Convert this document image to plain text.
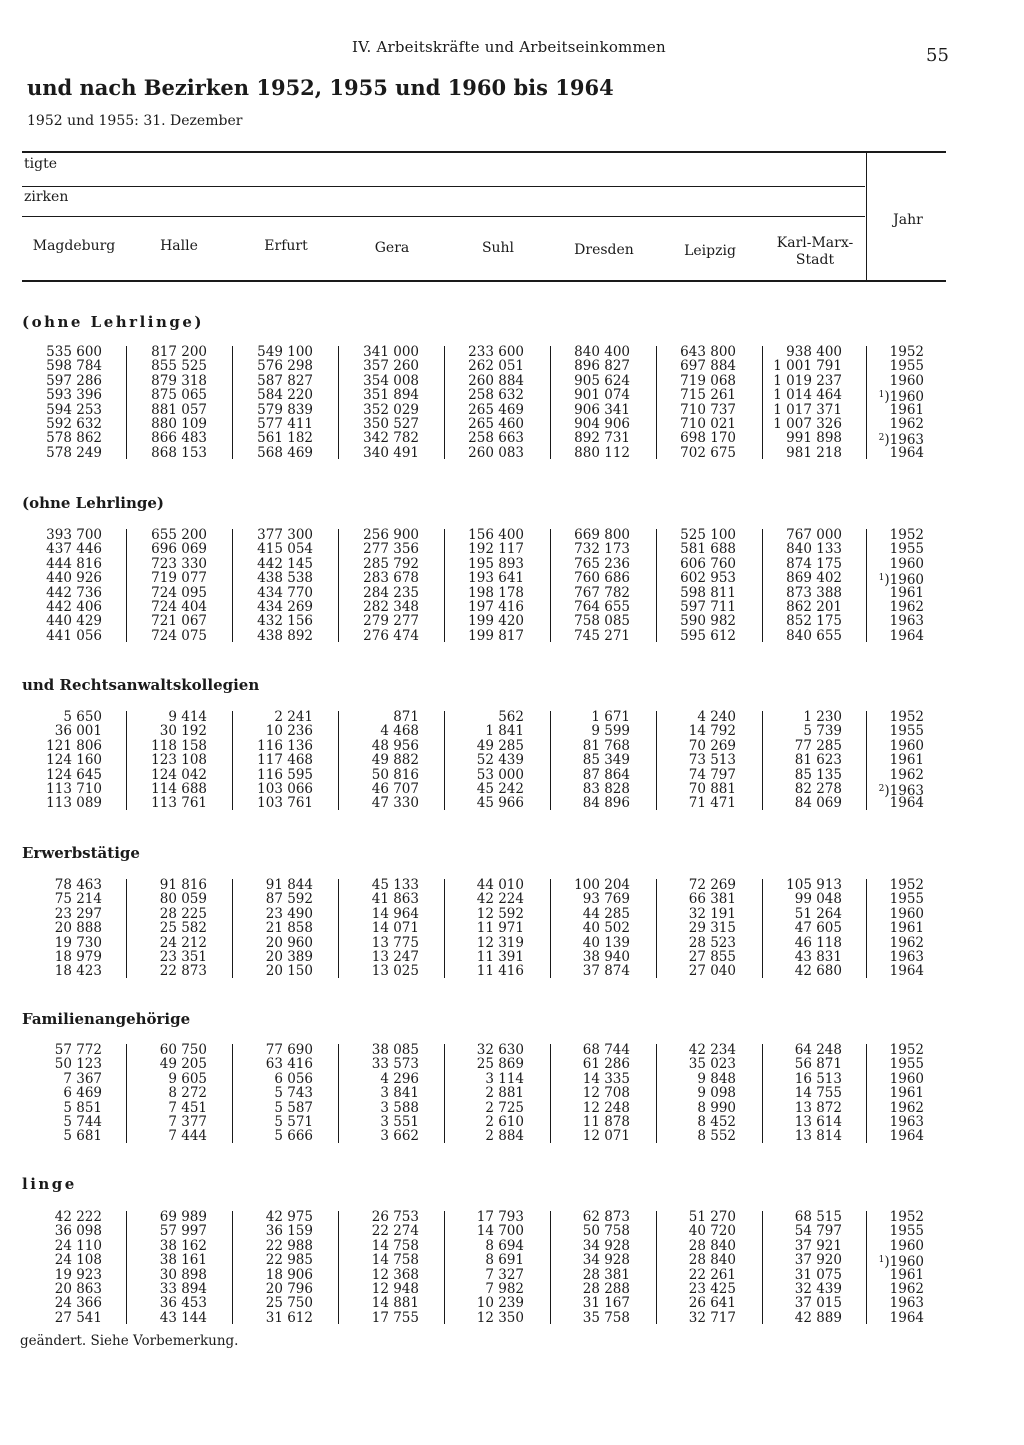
IV. Arbeitskräfte und Arbeitseinkommen	55
und nach Bezirken 1952, 1955 und 1960 bis 1964
1952 und 1955: 31. Dezember
tigte
zirken
Jahr
Magdeburg	Halle	Erfurt	Gera	Suhl	Dresden	Leipzig	Karl-Marx-
Stadt
(ohne Lehrlinge)
535 600	817 200	549 100	341 000	233 600	840 400	643 800	938 400	1952
598 784	855 525	576 298	357 260	262 051	896 827	697 884	1 001 791	1955
597 286	879 318	587 827	354 008	260 884	905 624	719 068	1 019 237	1960
593 396	875 065	584 220	351 894	258 632	901 074	715 261	1 014 464	$^1$)1960
594 253	881 057	579 839	352 029	265 469	906 341	710 737	1 017 371	1961
592 632	880 109	577 411	350 527	265 460	904 906	710 021	1 007 326	1962
578 862	866 483	561 182	342 782	258 663	892 731	698 170	991 898	$^2$)1963
578 249	868 153	568 469	340 491	260 083	880 112	702 675	981 218	1964
(ohne Lehrlinge)
393 700	655 200	377 300	256 900	156 400	669 800	525 100	767 000	1952
437 446	696 069	415 054	277 356	192 117	732 173	581 688	840 133	1955
444 816	723 330	442 145	285 792	195 893	765 236	606 760	874 175	1960
440 926	719 077	438 538	283 678	193 641	760 686	602 953	869 402	$^1$)1960
442 736	724 095	434 770	284 235	198 178	767 782	598 811	873 388	1961
442 406	724 404	434 269	282 348	197 416	764 655	597 711	862 201	1962
440 429	721 067	432 156	279 277	199 420	758 085	590 982	852 175	1963
441 056	724 075	438 892	276 474	199 817	745 271	595 612	840 655	1964
und Rechtsanwaltskollegien
5 650	9 414	2 241	871	562	1 671	4 240	1 230	1952
36 001	30 192	10 236	4 468	1 841	9 599	14 792	5 739	1955
121 806	118 158	116 136	48 956	49 285	81 768	70 269	77 285	1960
124 160	123 108	117 468	49 882	52 439	85 349	73 513	81 623	1961
124 645	124 042	116 595	50 816	53 000	87 864	74 797	85 135	1962
113 710	114 688	103 066	46 707	45 242	83 828	70 881	82 278	$^2$)1963
113 089	113 761	103 761	47 330	45 966	84 896	71 471	84 069	1964
Erwerbstätige
78 463	91 816	91 844	45 133	44 010	100 204	72 269	105 913	1952
75 214	80 059	87 592	41 863	42 224	93 769	66 381	99 048	1955
23 297	28 225	23 490	14 964	12 592	44 285	32 191	51 264	1960
20 888	25 582	21 858	14 071	11 971	40 502	29 315	47 605	1961
19 730	24 212	20 960	13 775	12 319	40 139	28 523	46 118	1962
18 979	23 351	20 389	13 247	11 391	38 940	27 855	43 831	1963
18 423	22 873	20 150	13 025	11 416	37 874	27 040	42 680	1964
Familienangehörige
57 772	60 750	77 690	38 085	32 630	68 744	42 234	64 248	1952
50 123	49 205	63 416	33 573	25 869	61 286	35 023	56 871	1955
7 367	9 605	6 056	4 296	3 114	14 335	9 848	16 513	1960
6 469	8 272	5 743	3 841	2 881	12 708	9 098	14 755	1961
5 851	7 451	5 587	3 588	2 725	12 248	8 990	13 872	1962
5 744	7 377	5 571	3 551	2 610	11 878	8 452	13 614	1963
5 681	7 444	5 666	3 662	2 884	12 071	8 552	13 814	1964
linge
42 222	69 989	42 975	26 753	17 793	62 873	51 270	68 515	1952
36 098	57 997	36 159	22 274	14 700	50 758	40 720	54 797	1955
24 110	38 162	22 988	14 758	8 694	34 928	28 840	37 921	1960
24 108	38 161	22 985	14 758	8 691	34 928	28 840	37 920	$^1$)1960
19 923	30 898	18 906	12 368	7 327	28 381	22 261	31 075	1961
20 863	33 894	20 796	12 948	7 982	28 288	23 425	32 439	1962
24 366	36 453	25 750	14 881	10 239	31 167	26 641	37 015	1963
27 541	43 144	31 612	17 755	12 350	35 758	32 717	42 889	1964
geändert. Siehe Vorbemerkung.
